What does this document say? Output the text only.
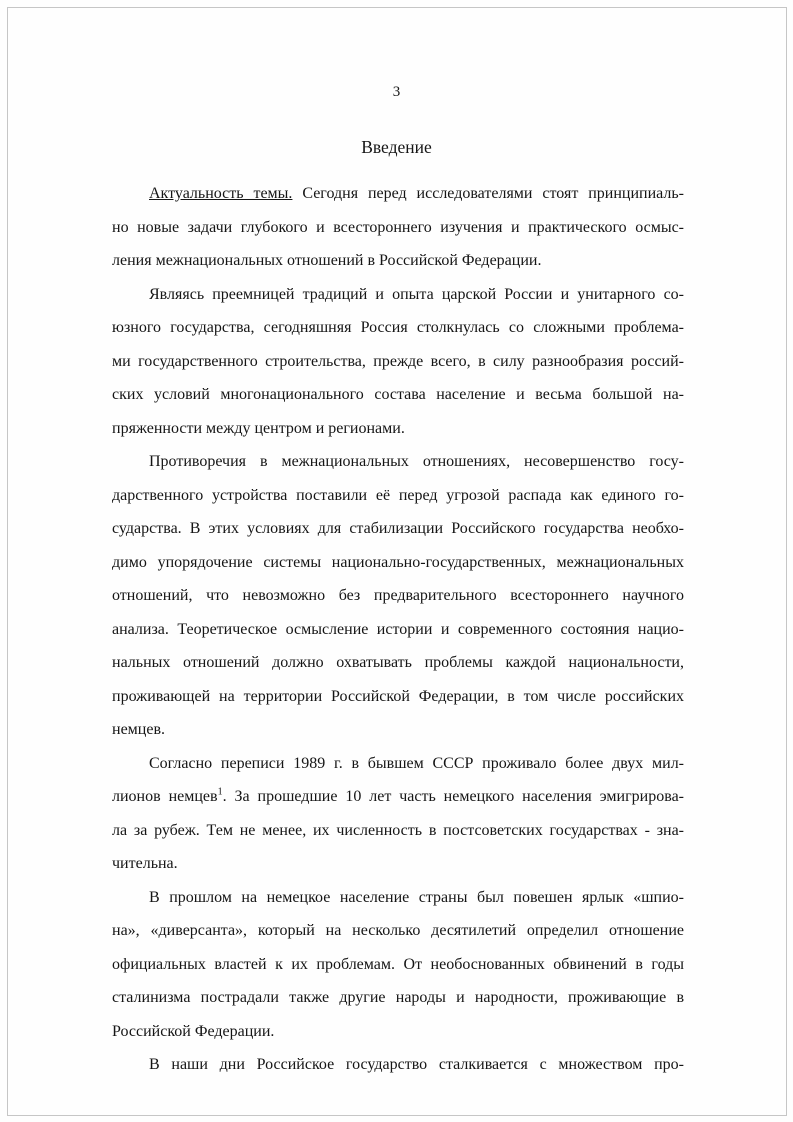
3
Введение
Актуальность темы. Сегодня перед исследователями стоят принципиаль-
но новые задачи глубокого и всестороннего изучения и практического осмыс-
ления межнациональных отношений в Российской Федерации.
Являясь преемницей традиций и опыта царской России и унитарного со-
юзного государства, сегодняшняя Россия столкнулась со сложными проблема-
ми государственного строительства, прежде всего, в силу разнообразия россий-
ских условий многонационального состава население и весьма большой на-
пряженности между центром и регионами.
Противоречия в межнациональных отношениях, несовершенство госу-
дарственного устройства поставили её перед угрозой распада как единого го-
сударства. В этих условиях для стабилизации Российского государства необхо-
димо упорядочение системы национально-государственных, межнациональных
отношений, что невозможно без предварительного всестороннего научного
анализа. Теоретическое осмысление истории и современного состояния нацио-
нальных отношений должно охватывать проблемы каждой национальности,
проживающей на территории Российской Федерации, в том числе российских
немцев.
Согласно переписи 1989 г. в бывшем СССР проживало более двух мил-
лионов немцев$^1$. За прошедшие 10 лет часть немецкого населения эмигрирова-
ла за рубеж. Тем не менее, их численность в постсоветских государствах - зна-
чительна.
В прошлом на немецкое население страны был повешен ярлык «шпио-
на», «диверсанта», который на несколько десятилетий определил отношение
официальных властей к их проблемам. От необоснованных обвинений в годы
сталинизма пострадали также другие народы и народности, проживающие в
Российской Федерации.
В наши дни Российское государство сталкивается с множеством про-
